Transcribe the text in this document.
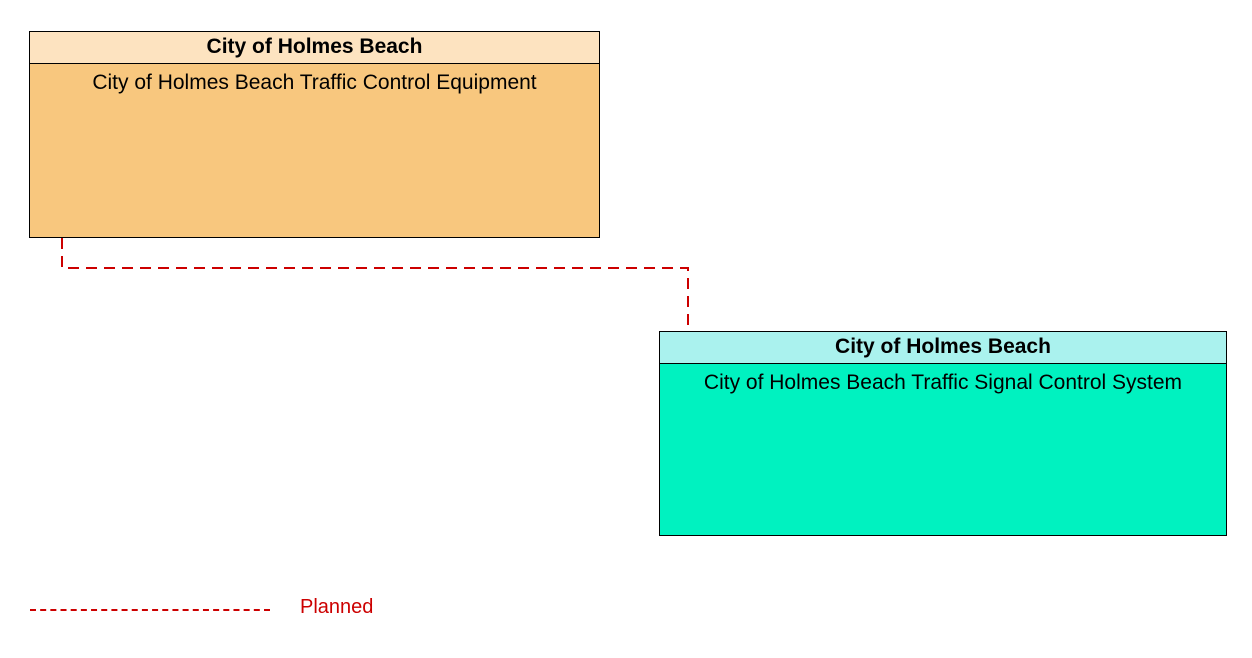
City of Holmes Beach
City of Holmes Beach Traffic Control Equipment
City of Holmes Beach
City of Holmes Beach Traffic Signal Control System
Planned
